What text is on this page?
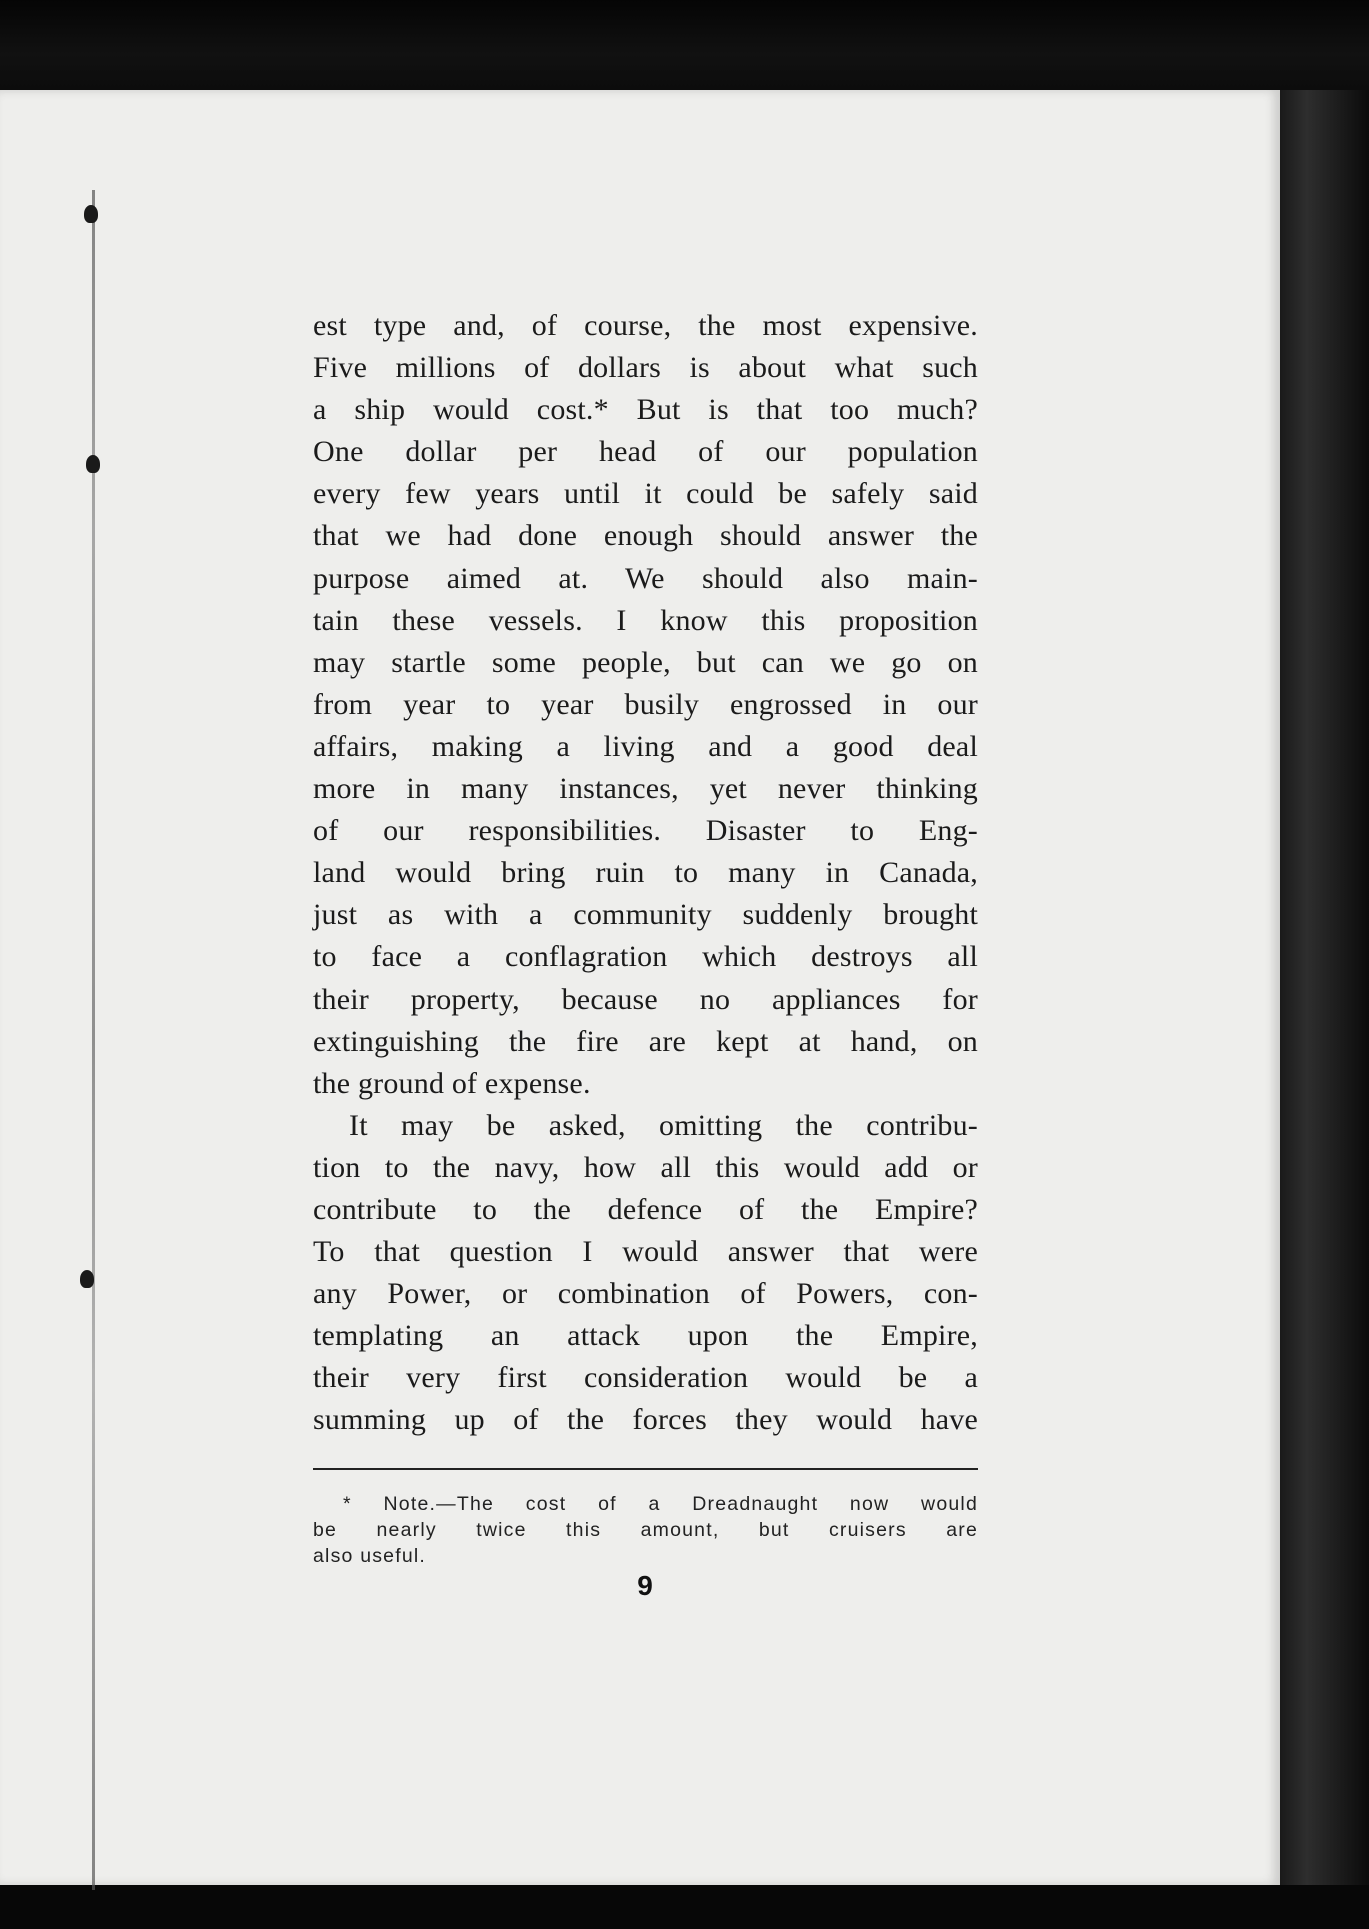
est type and, of course, the most expensive.

Five millions of dollars is about what such

a ship would cost.* But is that too much?

One dollar per head of our population

every few years until it could be safely said

that we had done enough should answer the

purpose aimed at. We should also main-

tain these vessels. I know this proposition

may startle some people, but can we go on

from year to year busily engrossed in our

affairs, making a living and a good deal

more in many instances, yet never thinking

of our responsibilities. Disaster to Eng-

land would bring ruin to many in Canada,

just as with a community suddenly brought

to face a conflagration which destroys all

their property, because no appliances for

extinguishing the fire are kept at hand, on

the ground of expense.

It may be asked, omitting the contribu-

tion to the navy, how all this would add or

contribute to the defence of the Empire?

To that question I would answer that were

any Power, or combination of Powers, con-

templating an attack upon the Empire,

their very first consideration would be a

summing up of the forces they would have

* Note.—The cost of a Dreadnaught now would
be nearly twice this amount, but cruisers are
also useful.
9
